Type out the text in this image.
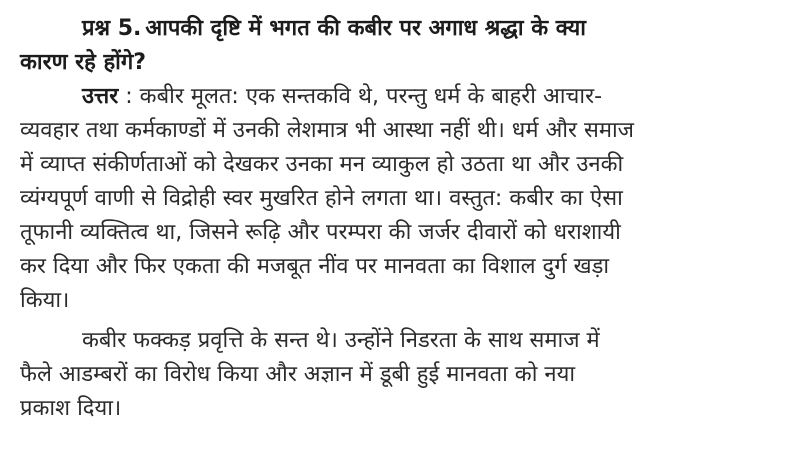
प्रश्न 5. आपकी दृष्टि में भगत की कबीर पर अगाध श्रद्धा के क्या
कारण रहे होंगे?
उत्तर : कबीर मूलत: एक सन्तकवि थे, परन्तु धर्म के बाहरी आचार-
व्यवहार तथा कर्मकाण्डों में उनकी लेशमात्र भी आस्था नहीं थी। धर्म और समाज
में व्याप्त संकीर्णताओं को देखकर उनका मन व्याकुल हो उठता था और उनकी
व्यंग्यपूर्ण वाणी से विद्रोही स्वर मुखरित होने लगता था। वस्तुत: कबीर का ऐसा
तूफानी व्यक्तित्व था, जिसने रूढ़ि और परम्परा की जर्जर दीवारों को धराशायी
कर दिया और फिर एकता की मजबूत नींव पर मानवता का विशाल दुर्ग खड़ा
किया।
कबीर फक्कड़ प्रवृत्ति के सन्त थे। उन्होंने निडरता के साथ समाज में
फैले आडम्बरों का विरोध किया और अज्ञान में डूबी हुई मानवता को नया
प्रकाश दिया।
